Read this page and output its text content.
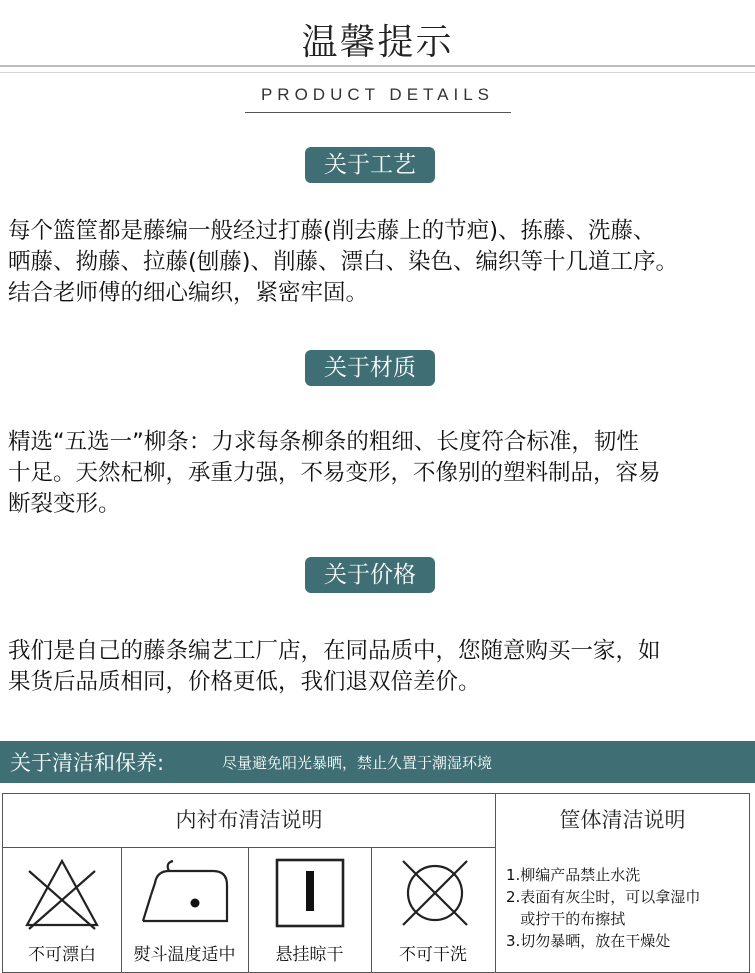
温馨提示
PRODUCT DETAILS
关于工艺
每个篮筐都是藤编一般经过打藤(削去藤上的节疤)、拣藤、洗藤、
晒藤、拗藤、拉藤(刨藤)、削藤、漂白、染色、编织等十几道工序。
结合老师傅的细心编织，紧密牢固。
关于材质
精选“五选一”柳条：力求每条柳条的粗细、长度符合标准，韧性
十足。天然杞柳，承重力强，不易变形，不像别的塑料制品，容易
断裂变形。
关于价格
我们是自己的藤条编艺工厂店，在同品质中，您随意购买一家，如
果货后品质相同，价格更低，我们退双倍差价。
关于清洁和保养:	尽量避免阳光暴晒，禁止久置于潮湿环境
内衬布清洁说明	筐体清洁说明
不可漂白	熨斗温度适中	悬挂晾干	不可干洗
1.柳编产品禁止水洗
2.表面有灰尘时，可以拿湿巾
或拧干的布擦拭
3.切勿暴晒，放在干燥处
